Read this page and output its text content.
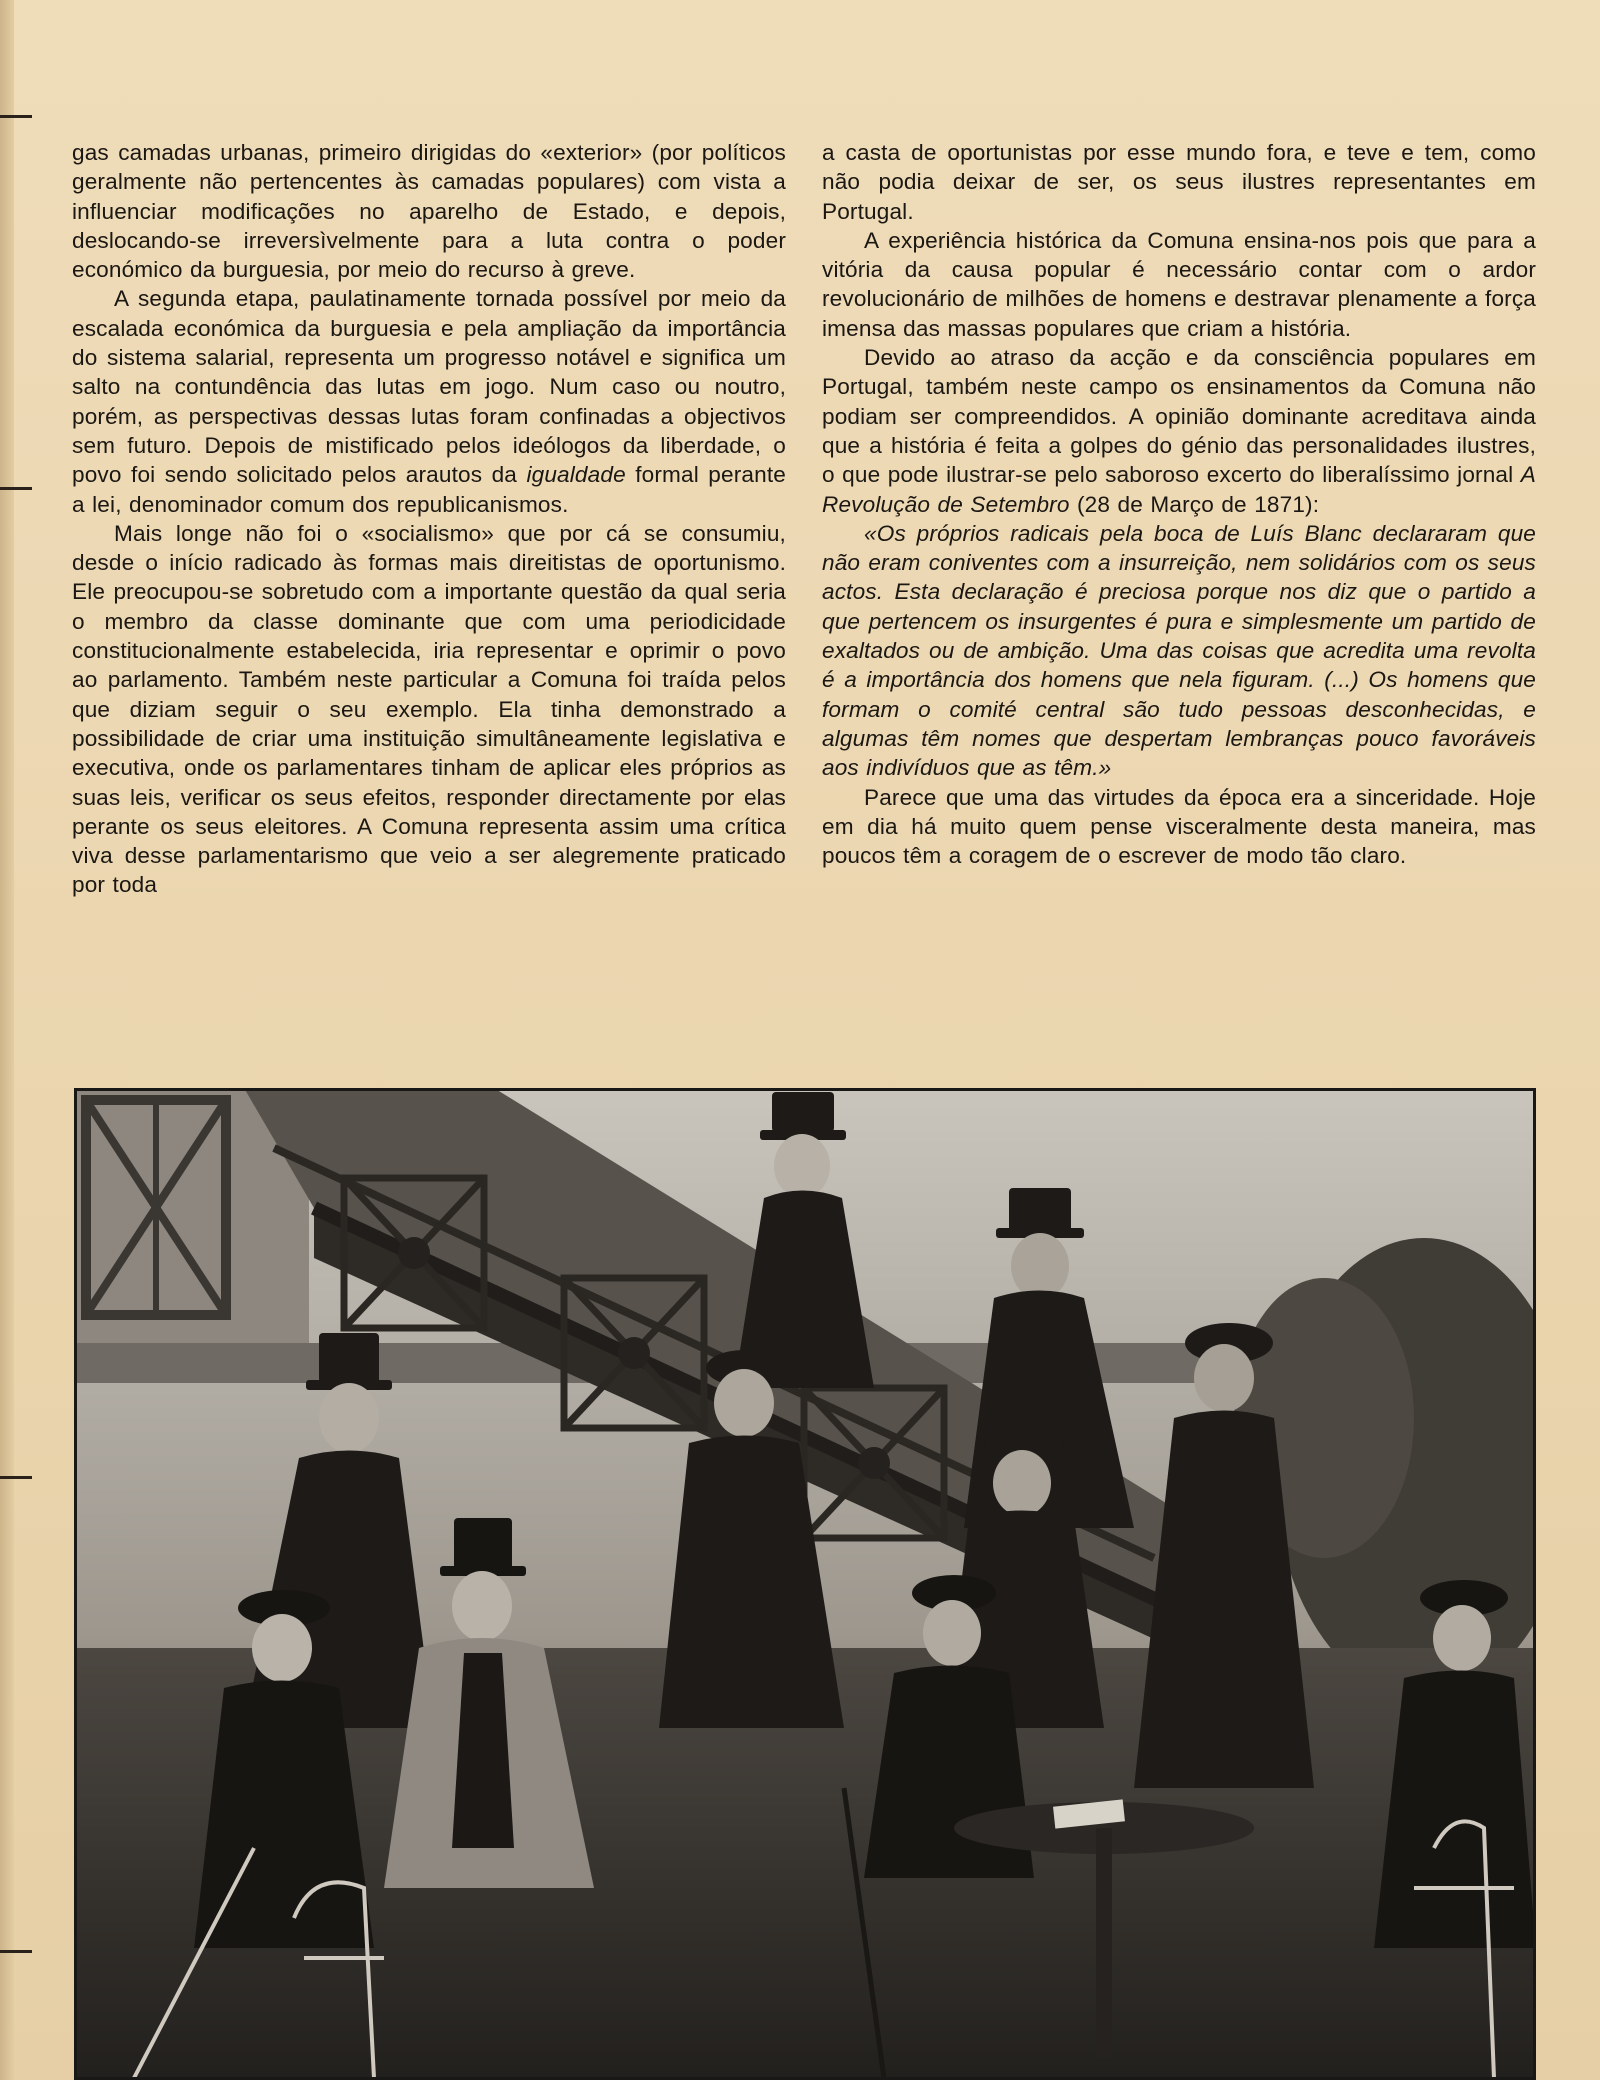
gas camadas urbanas, primeiro dirigidas do «exterior» (por políticos geralmente não pertencentes às camadas populares) com vista a influenciar modificações no aparelho de Estado, e depois, deslocando-se irreversìvelmente para a luta contra o poder económico da burguesia, por meio do recurso à greve.

A segunda etapa, paulatinamente tornada possível por meio da escalada económica da burguesia e pela ampliação da importância do sistema salarial, representa um progresso notável e significa um salto na contundência das lutas em jogo. Num caso ou noutro, porém, as perspectivas dessas lutas foram confinadas a objectivos sem futuro. Depois de mistificado pelos ideólogos da liberdade, o povo foi sendo solicitado pelos arautos da igualdade formal perante a lei, denominador comum dos republicanismos.

Mais longe não foi o «socialismo» que por cá se consumiu, desde o início radicado às formas mais direitistas de oportunismo. Ele preocupou-se sobretudo com a importante questão da qual seria o membro da classe dominante que com uma periodicidade constitucionalmente estabelecida, iria representar e oprimir o povo ao parlamento. Também neste particular a Comuna foi traída pelos que diziam seguir o seu exemplo. Ela tinha demonstrado a possibilidade de criar uma instituição simultâneamente legislativa e executiva, onde os parlamentares tinham de aplicar eles próprios as suas leis, verificar os seus efeitos, responder directamente por elas perante os seus eleitores. A Comuna representa assim uma crítica viva desse parlamentarismo que veio a ser alegremente praticado por toda

a casta de oportunistas por esse mundo fora, e teve e tem, como não podia deixar de ser, os seus ilustres representantes em Portugal.

A experiência histórica da Comuna ensina-nos pois que para a vitória da causa popular é necessário contar com o ardor revolucionário de milhões de homens e destravar plenamente a força imensa das massas populares que criam a história.

Devido ao atraso da acção e da consciência populares em Portugal, também neste campo os ensinamentos da Comuna não podiam ser compreendidos. A opinião dominante acreditava ainda que a história é feita a golpes do génio das personalidades ilustres, o que pode ilustrar-se pelo saboroso excerto do liberalíssimo jornal A Revolução de Setembro (28 de Março de 1871):

«Os próprios radicais pela boca de Luís Blanc declararam que não eram coniventes com a insurreição, nem solidários com os seus actos. Esta declaração é preciosa porque nos diz que o partido a que pertencem os insurgentes é pura e simplesmente um partido de exaltados ou de ambição. Uma das coisas que acredita uma revolta é a importância dos homens que nela figuram. (...) Os homens que formam o comité central são tudo pessoas desconhecidas, e algumas têm nomes que despertam lembranças pouco favoráveis aos indivíduos que as têm.»

Parece que uma das virtudes da época era a sinceridade. Hoje em dia há muito quem pense visceralmente desta maneira, mas poucos têm a coragem de o escrever de modo tão claro.
